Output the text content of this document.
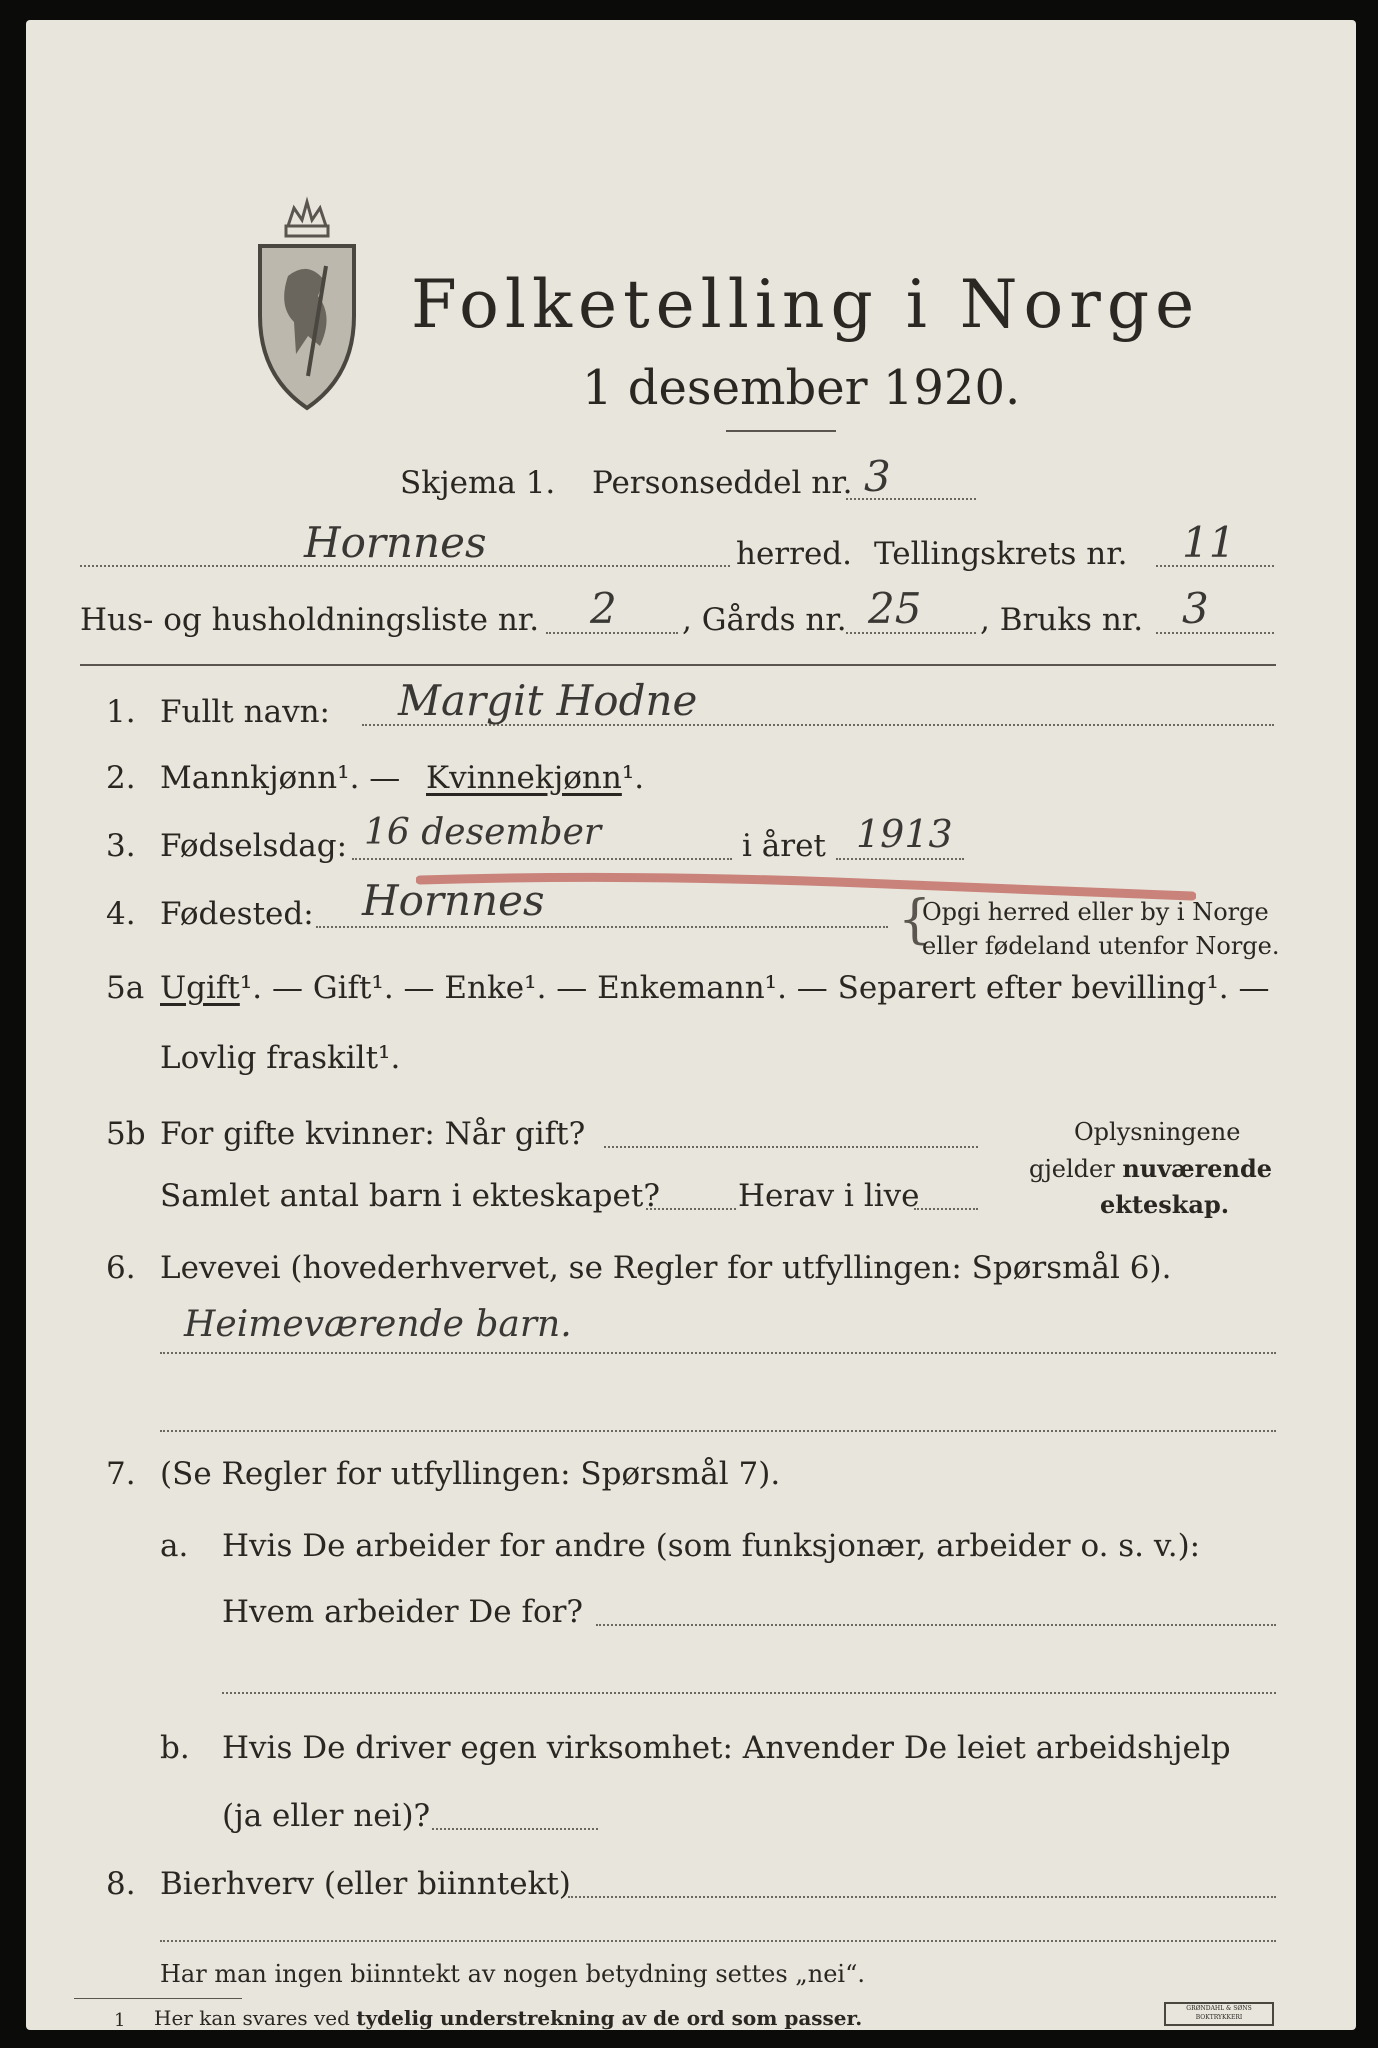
Folketelling i Norge
1 desember 1920.
Skjema 1. Personseddel nr. 3
Hornnes	herred. Tellingskrets nr. 11
Hus- og husholdningsliste nr. 2 , Gårds nr. 25 , Bruks nr. 3
1. Fullt navn: Margit Hodne
2. Mannkjønn¹. — Kvinnekjønn¹.
3. Fødselsdag: 16 desember	i året 1913
4. Fødested: Hornnes	{
Opgi herred eller by i Norge
eller fødeland utenfor Norge.
5a Ugift¹. — Gift¹. — Enke¹. — Enkemann¹. — Separert efter bevilling¹. —
Lovlig fraskilt¹.
5b For gifte kvinner: Når gift?
Samlet antal barn i ekteskapet?	Herav i live
Oplysningene
gjelder nuværende
ekteskap.
6. Levevei (hovederhvervet, se Regler for utfyllingen: Spørsmål 6).
Heimeværende barn.
7. (Se Regler for utfyllingen: Spørsmål 7).
a. Hvis De arbeider for andre (som funksjonær, arbeider o. s. v.):
Hvem arbeider De for?
b. Hvis De driver egen virksomhet: Anvender De leiet arbeidshjelp
(ja eller nei)?
8. Bierhverv (eller biinntekt)
Har man ingen biinntekt av nogen betydning settes „nei“.
1 Her kan svares ved tydelig understrekning av de ord som passer.	GRØNDAHL & SØNS BOKTRYKKERI
